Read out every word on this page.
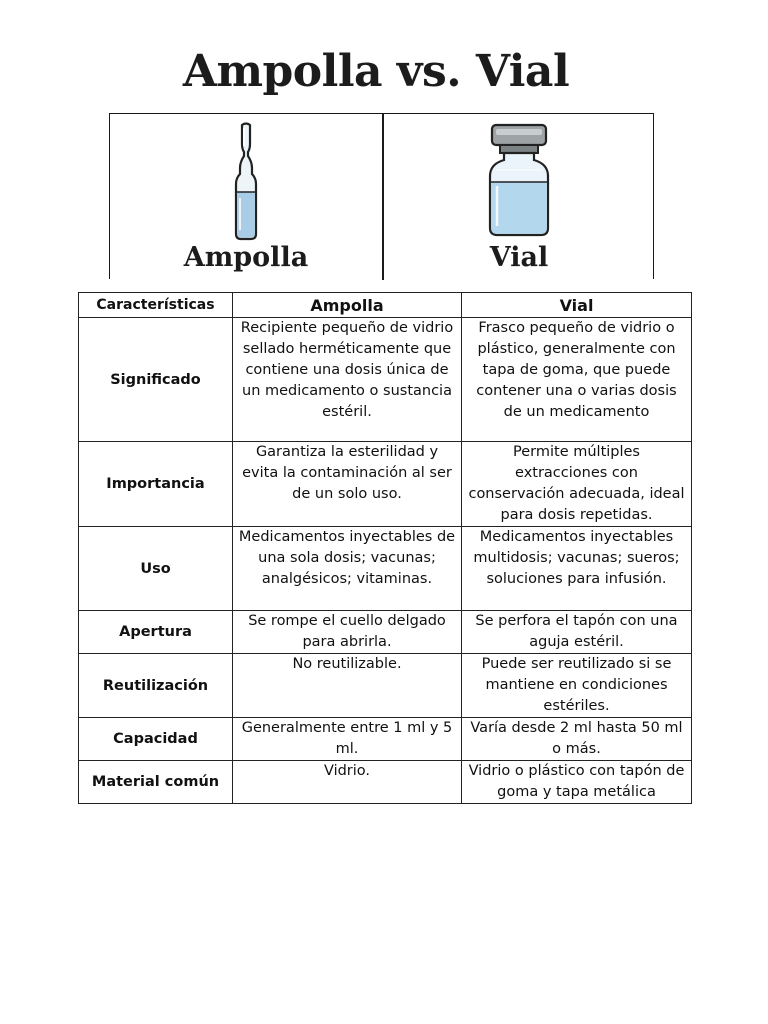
Ampolla vs. Vial
Ampolla	Vial
Características	Ampolla	Vial
Significado	Recipiente pequeño de vidrio sellado herméticamente que contiene una dosis única de un medicamento o sustancia estéril.	Frasco pequeño de vidrio o plástico, generalmente con tapa de goma, que puede contener una o varias dosis de un medicamento
Importancia	Garantiza la esterilidad y evita la contaminación al ser de un solo uso.	Permite múltiples extracciones con conservación adecuada, ideal para dosis repetidas.
Uso	Medicamentos inyectables de una sola dosis; vacunas; analgésicos; vitaminas.	Medicamentos inyectables multidosis; vacunas; sueros; soluciones para infusión.
Apertura	Se rompe el cuello delgado para abrirla.	Se perfora el tapón con una aguja estéril.
Reutilización	No reutilizable.	Puede ser reutilizado si se mantiene en condiciones estériles.
Capacidad	Generalmente entre 1 ml y 5 ml.	Varía desde 2 ml hasta 50 ml o más.
Material común	Vidrio.	Vidrio o plástico con tapón de goma y tapa metálica
